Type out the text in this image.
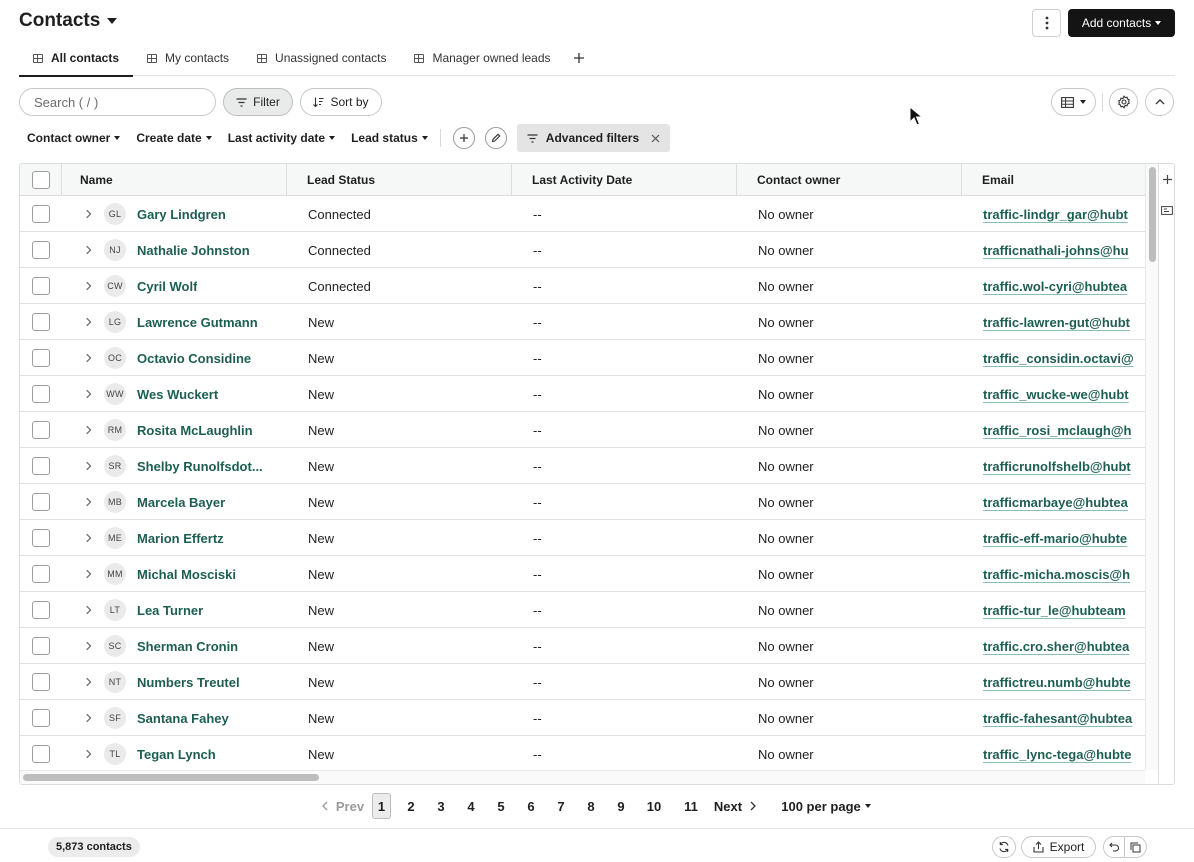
Contacts	Add contacts
All contacts	My contacts	Unassigned contacts	Manager owned leads
Search ( / )
Filter	Sort by
Contact owner Create date Last activity date Lead status	Advanced filters
Name	Lead Status	Last Activity Date	Contact owner	Email
GL	Gary Lindgren	Connected	--	No owner	traffic-lindgr_gar@hubt
NJ	Nathalie Johnston	Connected	--	No owner	trafficnathali-johns@hu
CW Cyril Wolf	Connected	--	No owner	traffic.wol-cyri@hubtea
LG	Lawrence Gutmann	New	--	No owner	traffic-lawren-gut@hubt
OC	Octavio Considine	New	--	No owner	traffic_considin.octavi@
WW Wes Wuckert	New	--	No owner	traffic_wucke-we@hubt
RM Rosita McLaughlin	New	--	No owner	traffic_rosi_mclaugh@h
SR	Shelby Runolfsdot...	New	--	No owner	trafficrunolfshelb@hubt
MB	Marcela Bayer	New	--	No owner	trafficmarbaye@hubtea
ME	Marion Effertz	New	--	No owner	traffic-eff-mario@hubte
MM Michal Mosciski	New	--	No owner	traffic-micha.moscis@h
LT	Lea Turner	New	--	No owner	traffic-tur_le@hubteam
SC	Sherman Cronin	New	--	No owner	traffic.cro.sher@hubtea
NT	Numbers Treutel	New	--	No owner	traffictreu.numb@hubte
SF	Santana Fahey	New	--	No owner	traffic-fahesant@hubtea
TL	Tegan Lynch	New	--	No owner	traffic_lync-tega@hubte
Prev 1 2 3 4 5 6 7 8 9 10 11 Next	100 per page
5,873 contacts	Export
